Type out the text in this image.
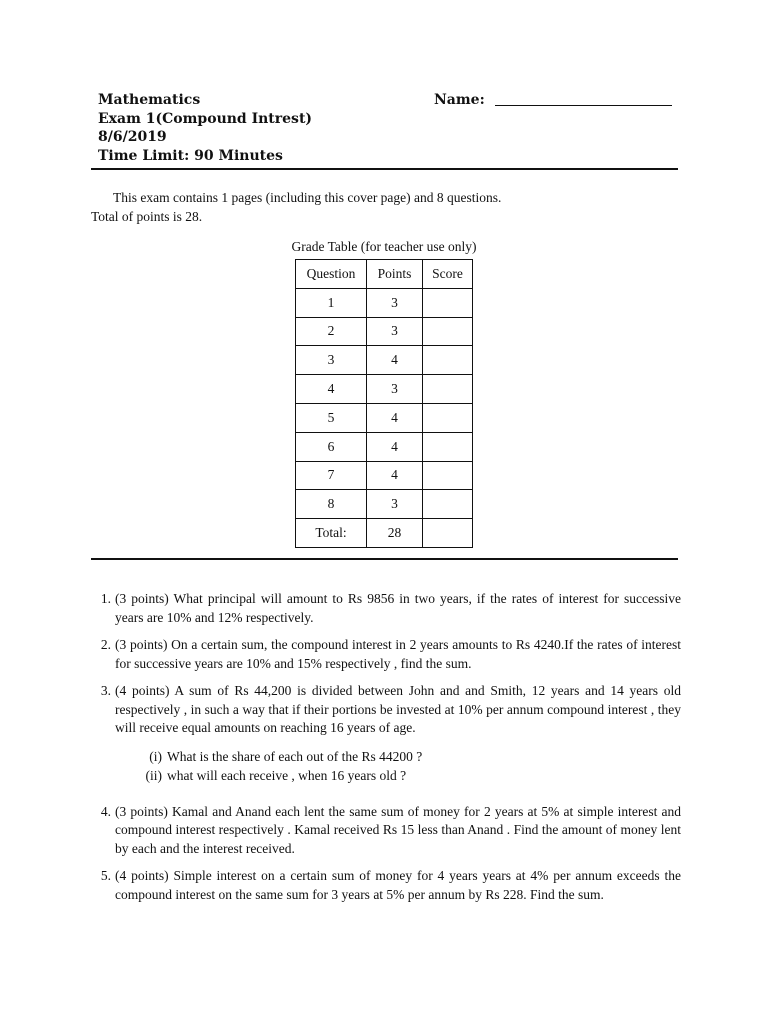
Mathematics
Exam 1(Compound Intrest)
8/6/2019
Time Limit: 90 Minutes
Name:
This exam contains 1 pages (including this cover page) and 8 questions.
Total of points is 28.
Grade Table (for teacher use only)
Question	Points	Score
1	3	
2	3	
3	4	
4	3	
5	4	
6	4	
7	4	
8	3	
Total:	28	
1. (3 points) What principal will amount to Rs 9856 in two years, if the rates of interest for successive years are 10% and 12% respectively.
2. (3 points) On a certain sum, the compound interest in 2 years amounts to Rs 4240.If the rates of interest for successive years are 10% and 15% respectively , find the sum.
3. (4 points) A sum of Rs 44,200 is divided between John and and Smith, 12 years and 14 years old respectively , in such a way that if their portions be invested at 10% per annum compound interest , they will receive equal amounts on reaching 16 years of age.
(i) What is the share of each out of the Rs 44200 ?
(ii) what will each receive , when 16 years old ?
4. (3 points) Kamal and Anand each lent the same sum of money for 2 years at 5% at simple interest and compound interest respectively . Kamal received Rs 15 less than Anand . Find the amount of money lent by each and the interest received.
5. (4 points) Simple interest on a certain sum of money for 4 years years at 4% per annum exceeds the compound interest on the same sum for 3 years at 5% per annum by Rs 228. Find the sum.
